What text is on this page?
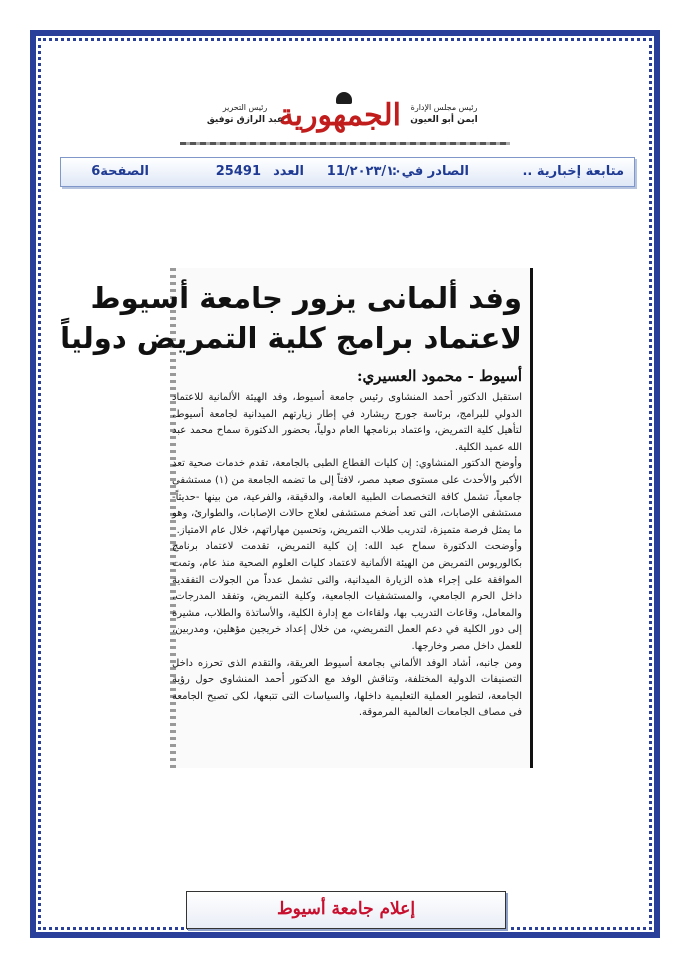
رئيس مجلس الإدارة
ايمن أبو العيون
الجمهورية
رئيس التحرير
عبد الرازق توفيق
متابعة إخبارية ..
الصادر في :
٢٠٢٣/١٠/11
العدد
25491
الصفحة6
وفد ألمانى يزور جامعة أسيوط
لاعتماد برامج كلية التمريض دولياً
أسيوط - محمود العسيري:

استقبل الدكتور أحمد المنشاوى رئيس جامعة أسيوط، وفد الهيئة الألمانية للاعتماد الدولي للبرامج، برئاسة جورج ريشارد في إطار زيارتهم الميدانية لجامعة أسيوط، لتأهيل كلية التمريض، واعتماد برنامجها العام دولياً، بحضور الدكتورة سماح محمد عبد الله عميد الكلية.

وأوضح الدكتور المنشاوي: إن كليات القطاع الطبى بالجامعة، تقدم خدمات صحية تعد الأكبر والأحدث على مستوى صعيد مصر، لافتاً إلى ما تضمه الجامعة من (١) مستشفى جامعياً، تشمل كافة التخصصات الطبية العامة، والدقيقة، والفرعية، من بينها -حديثاً- مستشفى الإصابات، التى تعد أضخم مستشفى لعلاج حالات الإصابات، والطوارئ، وهو ما يمثل فرصة متميزة، لتدريب طلاب التمريض، وتحسين مهاراتهم، خلال عام الامتياز.

وأوضحت الدكتورة سماح عبد الله: إن كلية التمريض، تقدمت لاعتماد برنامج بكالوريوس التمريض من الهيئة الألمانية لاعتماد كليات العلوم الصحية منذ عام، وتمت الموافقة على إجراء هذه الزيارة الميدانية، والتى تشمل عدداً من الجولات التفقدية داخل الحرم الجامعي، والمستشفيات الجامعية، وكلية التمريض، وتفقد المدرجات، والمعامل، وقاعات التدريب بها، ولقاءات مع إدارة الكلية، والأساتذة والطلاب، مشيرة إلى دور الكلية في دعم العمل التمريضي، من خلال إعداد خريجين مؤهلين، ومدربين، للعمل داخل مصر وخارجها.

ومن جانبه، أشاد الوفد الألماني بجامعة أسيوط العريقة، والتقدم الذى تحرزه داخل التصنيفات الدولية المختلفة، وتناقش الوفد مع الدكتور أحمد المنشاوى حول رؤية الجامعة، لتطوير العملية التعليمية داخلها، والسياسات التى تتبعها، لكى تصبح الجامعة فى مصاف الجامعات العالمية المرموقة.

إعلام جامعة أسيوط
